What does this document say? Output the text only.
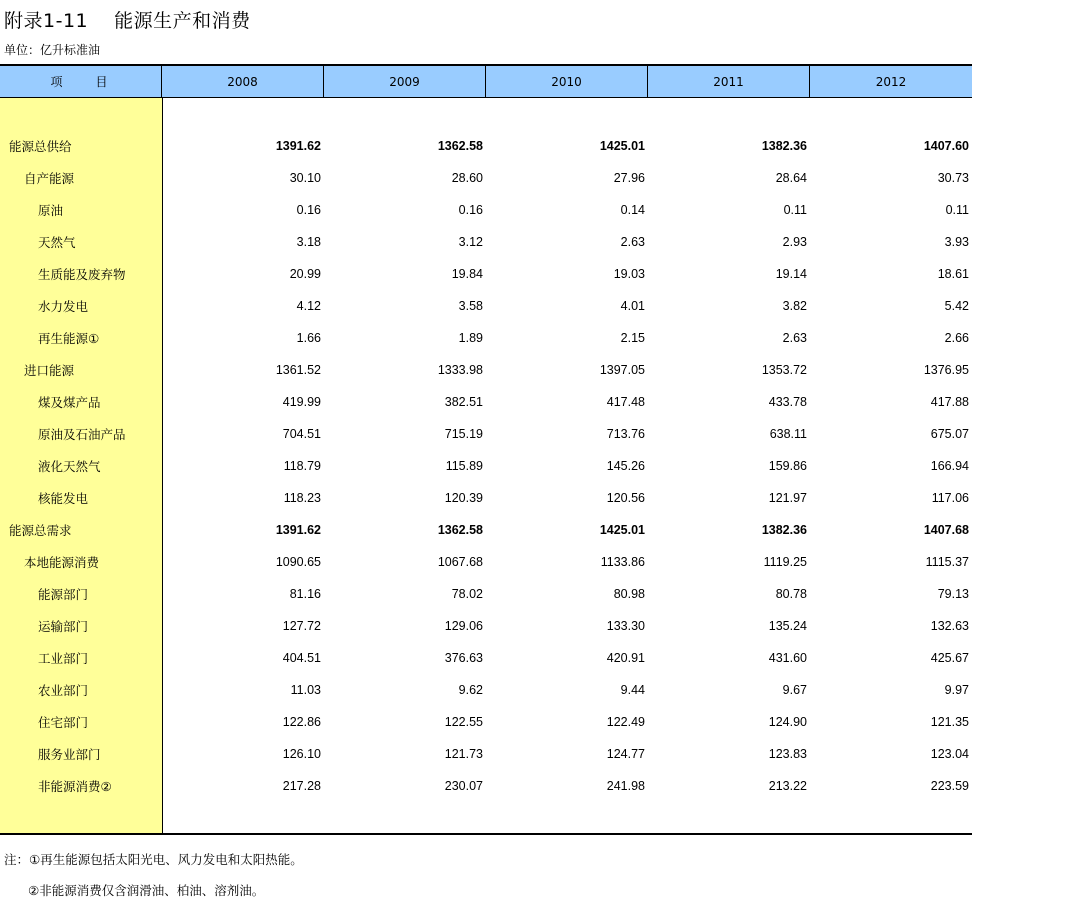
附录1-11　 能源生产和消费
单位：亿升标准油
项　　目	2008	2009	2010	2011	2012
能源总供给	1391.62	1362.58	1425.01	1382.36	1407.60
自产能源	30.10	28.60	27.96	28.64	30.73
原油	0.16	0.16	0.14	0.11	0.11
天然气	3.18	3.12	2.63	2.93	3.93
生质能及废弃物	20.99	19.84	19.03	19.14	18.61
水力发电	4.12	3.58	4.01	3.82	5.42
再生能源①	1.66	1.89	2.15	2.63	2.66
进口能源	1361.52	1333.98	1397.05	1353.72	1376.95
煤及煤产品	419.99	382.51	417.48	433.78	417.88
原油及石油产品	704.51	715.19	713.76	638.11	675.07
液化天然气	118.79	115.89	145.26	159.86	166.94
核能发电	118.23	120.39	120.56	121.97	117.06
能源总需求	1391.62	1362.58	1425.01	1382.36	1407.68
本地能源消费	1090.65	1067.68	1133.86	1119.25	1115.37
能源部门	81.16	78.02	80.98	80.78	79.13
运输部门	127.72	129.06	133.30	135.24	132.63
工业部门	404.51	376.63	420.91	431.60	425.67
农业部门	11.03	9.62	9.44	9.67	9.97
住宅部门	122.86	122.55	122.49	124.90	121.35
服务业部门	126.10	121.73	124.77	123.83	123.04
非能源消费②	217.28	230.07	241.98	213.22	223.59
注：①再生能源包括太阳光电、风力发电和太阳热能。
②非能源消费仅含润滑油、柏油、溶剂油。
